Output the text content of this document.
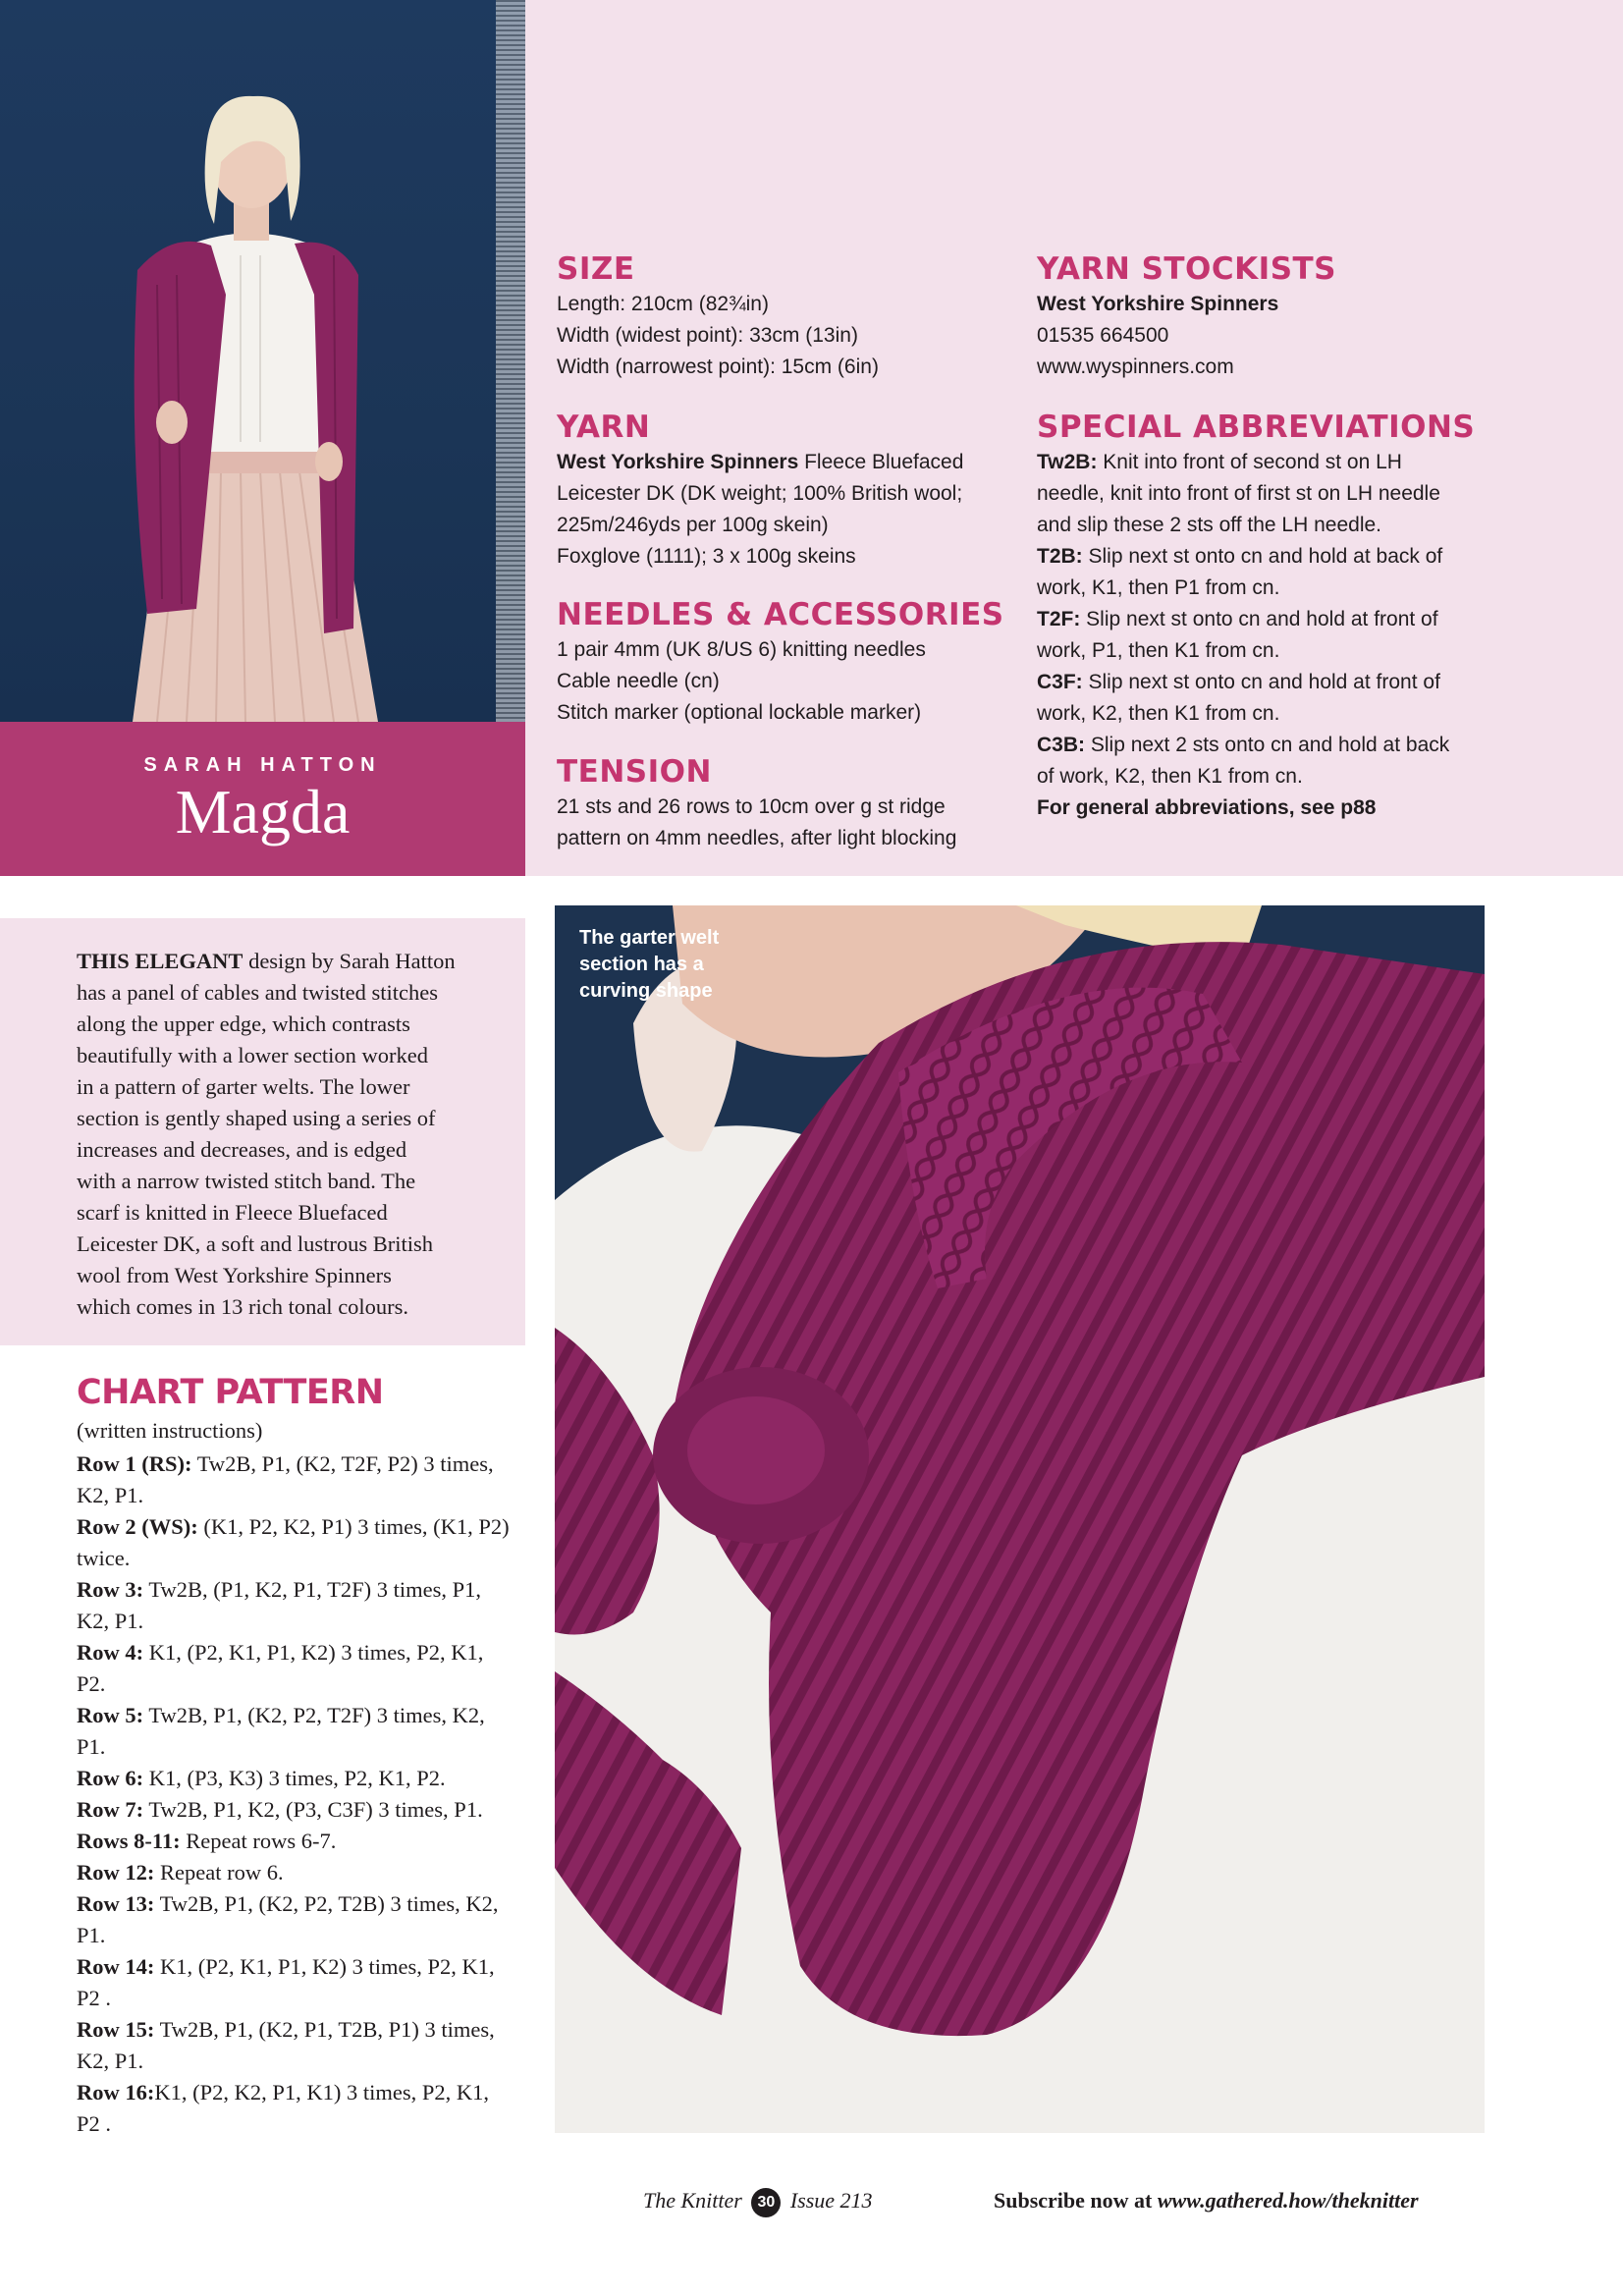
SARAH HATTON
Magda
SIZE
Length: 210cm (82¾in)
Width (widest point): 33cm (13in)
Width (narrowest point): 15cm (6in)
YARN
West Yorkshire Spinners Fleece Bluefaced
Leicester DK (DK weight; 100% British wool;
225m/246yds per 100g skein)
Foxglove (1111); 3 x 100g skeins
NEEDLES & ACCESSORIES
1 pair 4mm (UK 8/US 6) knitting needles
Cable needle (cn)
Stitch marker (optional lockable marker)
TENSION
21 sts and 26 rows to 10cm over g st ridge
pattern on 4mm needles, after light blocking
YARN STOCKISTS
West Yorkshire Spinners
01535 664500
www.wyspinners.com
SPECIAL ABBREVIATIONS
Tw2B: Knit into front of second st on LH
needle, knit into front of first st on LH needle
and slip these 2 sts off the LH needle.
T2B: Slip next st onto cn and hold at back of
work, K1, then P1 from cn.
T2F: Slip next st onto cn and hold at front of
work, P1, then K1 from cn.
C3F: Slip next st onto cn and hold at front of
work, K2, then K1 from cn.
C3B: Slip next 2 sts onto cn and hold at back
of work, K2, then K1 from cn.
For general abbreviations, see p88
THIS ELEGANT design by Sarah Hatton
has a panel of cables and twisted stitches
along the upper edge, which contrasts
beautifully with a lower section worked
in a pattern of garter welts. The lower
section is gently shaped using a series of
increases and decreases, and is edged
with a narrow twisted stitch band. The
scarf is knitted in Fleece Bluefaced
Leicester DK, a soft and lustrous British
wool from West Yorkshire Spinners
which comes in 13 rich tonal colours.
CHART PATTERN
(written instructions)
Row 1 (RS): Tw2B, P1, (K2, T2F, P2) 3 times,
K2, P1.
Row 2 (WS): (K1, P2, K2, P1) 3 times, (K1, P2)
twice.
Row 3: Tw2B, (P1, K2, P1, T2F) 3 times, P1,
K2, P1.
Row 4: K1, (P2, K1, P1, K2) 3 times, P2, K1,
P2.
Row 5: Tw2B, P1, (K2, P2, T2F) 3 times, K2,
P1.
Row 6: K1, (P3, K3) 3 times, P2, K1, P2.
Row 7: Tw2B, P1, K2, (P3, C3F) 3 times, P1.
Rows 8-11: Repeat rows 6-7.
Row 12: Repeat row 6.
Row 13: Tw2B, P1, (K2, P2, T2B) 3 times, K2,
P1.
Row 14: K1, (P2, K1, P1, K2) 3 times, P2, K1,
P2 .
Row 15: Tw2B, P1, (K2, P1, T2B, P1) 3 times,
K2, P1.
Row 16:K1, (P2, K2, P1, K1) 3 times, P2, K1,
P2 .
The garter welt
section has a
curving shape
The Knitter 30 Issue 213	Subscribe now at www.gathered.how/theknitter
